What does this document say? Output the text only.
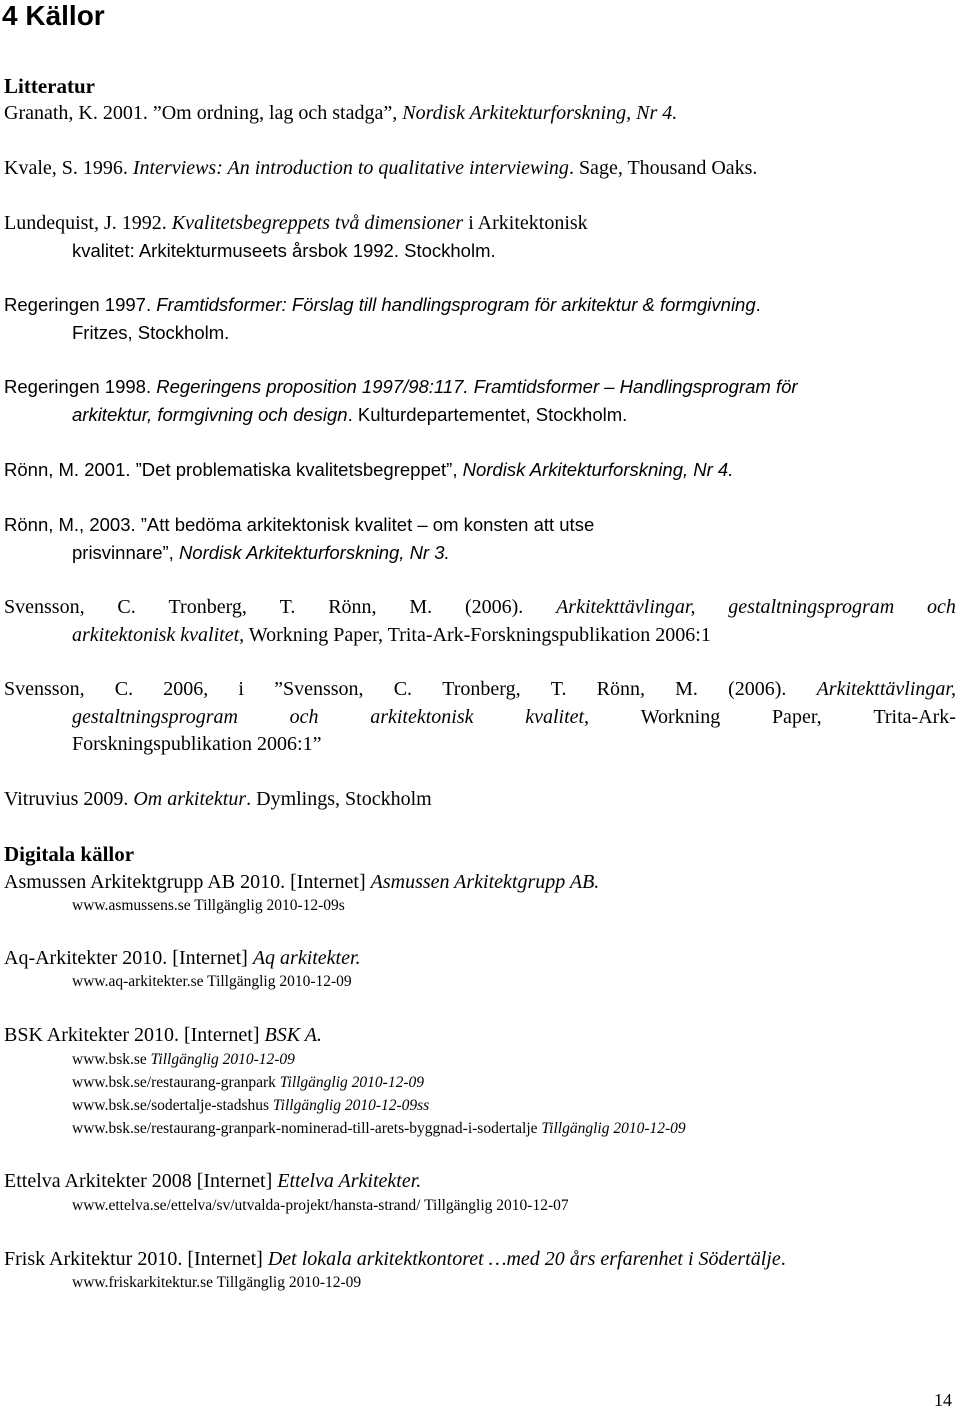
4 Källor
Litteratur
Granath, K. 2001. ”Om ordning, lag och stadga”, Nordisk Arkitekturforskning, Nr 4.
Kvale, S. 1996. Interviews: An introduction to qualitative interviewing. Sage, Thousand Oaks.
Lundequist, J. 1992. Kvalitetsbegreppets två dimensioner i Arkitektonisk
kvalitet: Arkitekturmuseets årsbok 1992. Stockholm.
Regeringen 1997. Framtidsformer: Förslag till handlingsprogram för arkitektur & formgivning.
Fritzes, Stockholm.
Regeringen 1998. Regeringens proposition 1997/98:117. Framtidsformer – Handlingsprogram för
arkitektur, formgivning och design. Kulturdepartementet, Stockholm.
Rönn, M. 2001. ”Det problematiska kvalitetsbegreppet”, Nordisk Arkitekturforskning, Nr 4.
Rönn, M., 2003. ”Att bedöma arkitektonisk kvalitet – om konsten att utse
prisvinnare”, Nordisk Arkitekturforskning, Nr 3.
Svensson, C. Tronberg, T. Rönn, M. (2006). Arkitekttävlingar, gestaltningsprogram och
arkitektonisk kvalitet, Workning Paper, Trita-Ark-Forskningspublikation 2006:1
Svensson, C. 2006, i ”Svensson, C. Tronberg, T. Rönn, M. (2006). Arkitekttävlingar,
gestaltningsprogram	och	arkitektonisk	kvalitet,	Workning	Paper,	Trita-Ark-
Forskningspublikation 2006:1”
Vitruvius 2009. Om arkitektur. Dymlings, Stockholm
Digitala källor
Asmussen Arkitektgrupp AB 2010. [Internet] Asmussen Arkitektgrupp AB.
www.asmussens.se Tillgänglig 2010-12-09s
Aq-Arkitekter 2010. [Internet] Aq arkitekter.
www.aq-arkitekter.se Tillgänglig 2010-12-09
BSK Arkitekter 2010. [Internet] BSK A.
www.bsk.se Tillgänglig 2010-12-09
www.bsk.se/restaurang-granpark Tillgänglig 2010-12-09
www.bsk.se/sodertalje-stadshus Tillgänglig 2010-12-09ss
www.bsk.se/restaurang-granpark-nominerad-till-arets-byggnad-i-sodertalje Tillgänglig 2010-12-09
Ettelva Arkitekter 2008 [Internet] Ettelva Arkitekter.
www.ettelva.se/ettelva/sv/utvalda-projekt/hansta-strand/ Tillgänglig 2010-12-07
Frisk Arkitektur 2010. [Internet] Det lokala arkitektkontoret …med 20 års erfarenhet i Södertälje.
www.friskarkitektur.se Tillgänglig 2010-12-09
14
